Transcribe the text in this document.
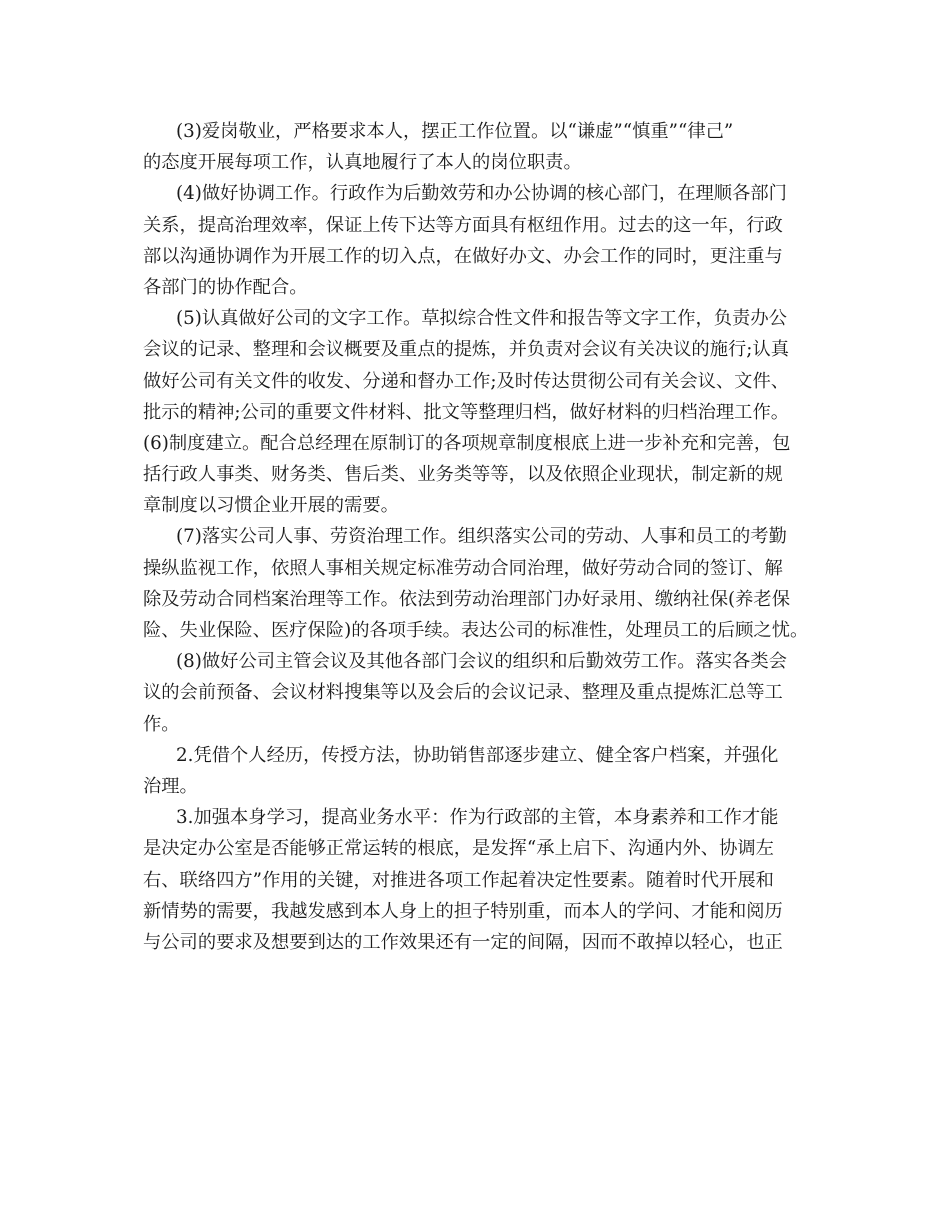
(3)爱岗敬业，严格要求本人，摆正工作位置。以“谦虚”“慎重”“律己”
的态度开展每项工作，认真地履行了本人的岗位职责。
(4)做好协调工作。行政作为后勤效劳和办公协调的核心部门，在理顺各部门
关系，提高治理效率，保证上传下达等方面具有枢纽作用。过去的这一年，行政
部以沟通协调作为开展工作的切入点，在做好办文、办会工作的同时，更注重与
各部门的协作配合。
(5)认真做好公司的文字工作。草拟综合性文件和报告等文字工作，负责办公
会议的记录、整理和会议概要及重点的提炼，并负责对会议有关决议的施行;认真
做好公司有关文件的收发、分递和督办工作;及时传达贯彻公司有关会议、文件、
批示的精神;公司的重要文件材料、批文等整理归档，做好材料的归档治理工作。
(6)制度建立。配合总经理在原制订的各项规章制度根底上进一步补充和完善，包
括行政人事类、财务类、售后类、业务类等等，以及依照企业现状，制定新的规
章制度以习惯企业开展的需要。
(7)落实公司人事、劳资治理工作。组织落实公司的劳动、人事和员工的考勤
操纵监视工作，依照人事相关规定标准劳动合同治理，做好劳动合同的签订、解
除及劳动合同档案治理等工作。依法到劳动治理部门办好录用、缴纳社保(养老保
险、失业保险、医疗保险)的各项手续。表达公司的标准性，处理员工的后顾之忧。
(8)做好公司主管会议及其他各部门会议的组织和后勤效劳工作。落实各类会
议的会前预备、会议材料搜集等以及会后的会议记录、整理及重点提炼汇总等工
作。
2.凭借个人经历，传授方法，协助销售部逐步建立、健全客户档案，并强化
治理。
3.加强本身学习，提高业务水平：作为行政部的主管，本身素养和工作才能
是决定办公室是否能够正常运转的根底，是发挥“承上启下、沟通内外、协调左
右、联络四方”作用的关键，对推进各项工作起着决定性要素。随着时代开展和
新情势的需要，我越发感到本人身上的担子特别重，而本人的学问、才能和阅历
与公司的要求及想要到达的工作效果还有一定的间隔，因而不敢掉以轻心，也正
